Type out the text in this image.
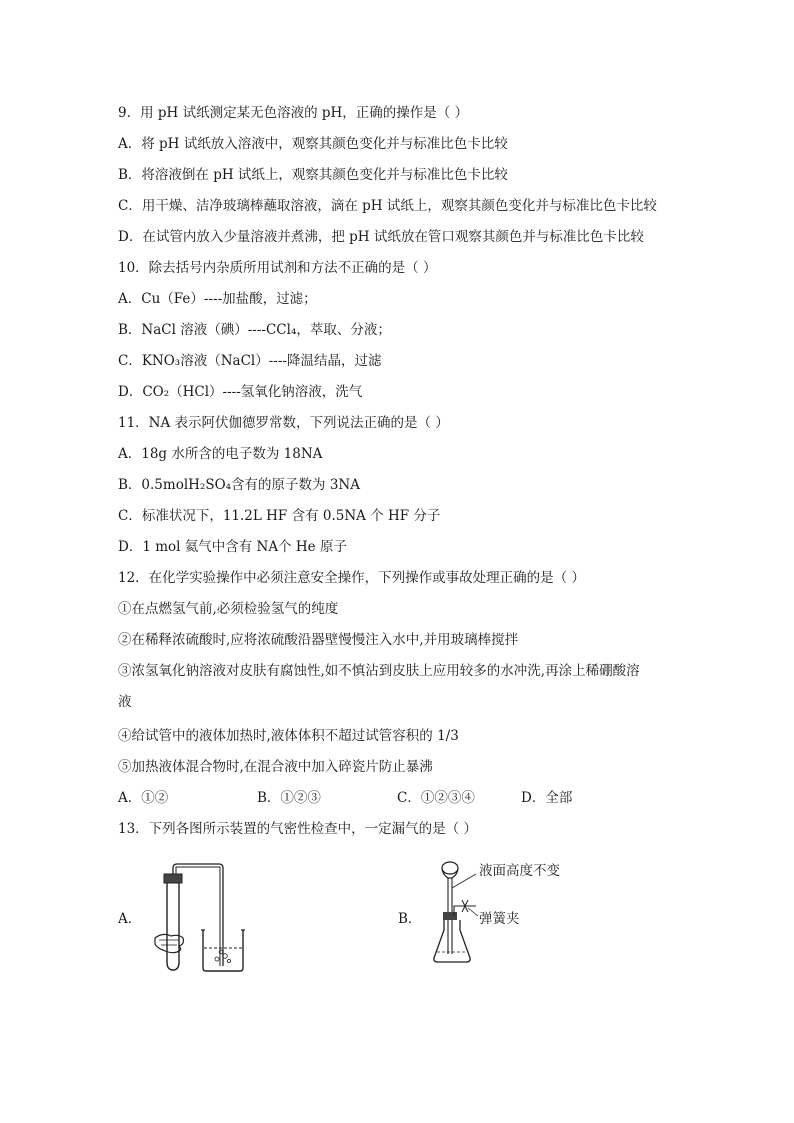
9．用 pH 试纸测定某无色溶液的 pH，正确的操作是（ ）
A．将 pH 试纸放入溶液中，观察其颜色变化并与标准比色卡比较
B．将溶液倒在 pH 试纸上，观察其颜色变化并与标准比色卡比较
C．用干燥、洁净玻璃棒蘸取溶液，滴在 pH 试纸上，观察其颜色变化并与标准比色卡比较
D．在试管内放入少量溶液并煮沸，把 pH 试纸放在管口观察其颜色并与标准比色卡比较
10．除去括号内杂质所用试剂和方法不正确的是（ ）
A．Cu（Fe）----加盐酸，过滤；
B．NaCl 溶液（碘）----CCl₄，萃取、分液；
C．KNO₃溶液（NaCl）----降温结晶，过滤
D．CO₂（HCl）----氢氧化钠溶液，洗气
11．NA 表示阿伏伽德罗常数，下列说法正确的是（ ）
A．18g 水所含的电子数为 18NA
B．0.5molH₂SO₄含有的原子数为 3NA
C．标准状况下，11.2L HF 含有 0.5NA 个 HF 分子
D．1 mol 氦气中含有 NA个 He 原子
12．在化学实验操作中必须注意安全操作，下列操作或事故处理正确的是（ ）
①在点燃氢气前,必须检验氢气的纯度
②在稀释浓硫酸时,应将浓硫酸沿器壁慢慢注入水中,并用玻璃棒搅拌
③浓氢氧化钠溶液对皮肤有腐蚀性,如不慎沾到皮肤上应用较多的水冲洗,再涂上稀硼酸溶
液
④给试管中的液体加热时,液体体积不超过试管容积的 1/3
⑤加热液体混合物时,在混合液中加入碎瓷片防止暴沸
A．①②	B．①②③	C．①②③④	D．全部
13．下列各图所示装置的气密性检查中，一定漏气的是（ ）
A．	B．
液面高度不变
弹簧夹
